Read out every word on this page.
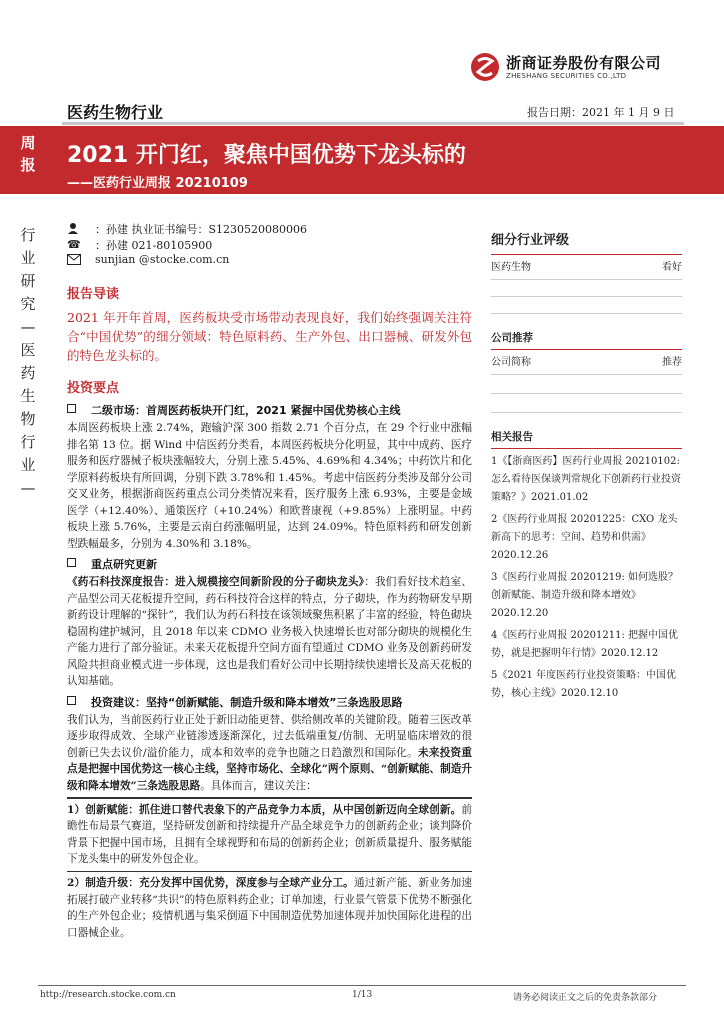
浙商证券股份有限公司
ZHESHANG SECURITIES CO.,LTD
医药生物行业	报告日期：2021 年 1 月 9 日
周报 2021 开门红，聚焦中国优势下龙头标的
——医药行业周报 20210109
行业研究—医药生物行业—
：孙建 执业证书编号：S1230520080006
☎ ：孙建 021-80105900
sunjian @stocke.com.cn
报告导读
2021 年开年首周，医药板块受市场带动表现良好，我们始终强调关注符合“中国优势”的细分领域：特色原料药、生产外包、出口器械、研发外包的特色龙头标的。
投资要点
二级市场：首周医药板块开门红，2021 紧握中国优势核心主线
本周医药板块上涨 2.74%，跑输沪深 300 指数 2.71 个百分点，在 29 个行业中涨幅排名第 13 位。据 Wind 中信医药分类看，本周医药板块分化明显，其中中成药、医疗服务和医疗器械子板块涨幅较大，分别上涨 5.45%、4.69%和 4.34%；中药饮片和化学原料药板块有所回调，分别下跌 3.78%和 1.45%。考虑中信医药分类涉及部分公司交叉业务，根据浙商医药重点公司分类情况来看，医疗服务上涨 6.93%，主要是金域医学（+12.40%）、通策医疗（+10.24%）和欧普康视（+9.85%）上涨明显。中药板块上涨 5.76%，主要是云南白药涨幅明显，达到 24.09%。特色原料药和研发创新型跌幅最多，分别为 4.30%和 3.18%。
重点研究更新
《药石科技深度报告：进入规模接空间新阶段的分子砌块龙头》：我们看好技术趋室、产品型公司天花板提升空间，药石科技符合这样的特点，分子砌块，作为药物研发早期新药设计理解的“探针”，我们认为药石科技在该领域聚焦积累了丰富的经验，特色砌块稳固构建护城河，且 2018 年以来 CDMO 业务极入快速增长也对部分砌块的规模化生产能力进行了部分验证。未来天花板提升空间方面有望通过 CDMO 业务及创新药研发风险共担商业模式进一步体现，这也是我们看好公司中长期持续快速增长及高天花板的认知基础。
投资建议：坚持“创新赋能、制造升级和降本增效”三条选股思路
我们认为，当前医药行业正处于新旧动能更替、供给侧改革的关键阶段。随着三医改革逐步取得成效、全球产业链渗透逐渐深化，过去低端重复/仿制、无明显临床增效的很创新已失去议价/溢价能力，成本和效率的竞争也随之日趋激烈和国际化。未来投资重点是把握中国优势这一核心主线，坚持市场化、全球化”两个原则、“创新赋能、制造升级和降本增效”三条选股思路。具体而言，建议关注：
1）创新赋能：抓住进口替代表象下的产品竞争力本质，从中国创新迈向全球创新。前瞻性布局景气赛道，坚持研发创新和持续提升产品全球竞争力的创新药企业；谈判降价背景下把握中国市场，且拥有全球视野和布局的创新药企业；创新质量提升、服务赋能下龙头集中的研发外包企业。
2）制造升级：充分发挥中国优势，深度参与全球产业分工。通过新产能、新业务加速拓展打破产业转移“共识”的特色原料药企业；订单加速，行业景气管景下优势不断强化的生产外包企业；疫情机遇与集采倒逼下中国制造优势加速体现并加快国际化进程的出口器械企业。
细分行业评级
医药生物	看好
公司推荐
公司简称	推荐
相关报告
1《【浙商医药】医药行业周报 20210102: 怎么看待医保谈判常规化下创新药行业投资策略？》2021.01.02
2《医药行业周报 20201225：CXO 龙头新高下的思考：空间、趋势和供需》2020.12.26
3《医药行业周报 20201219: 如何选股？创新赋能、制造升级和降本增效》2020.12.20
4《医药行业周报 20201211: 把握中国优势，就是把握明年行情》2020.12.12
5《2021 年度医药行业投资策略：中国优势，核心主线》2020.12.10
http://research.stocke.com.cn	1/13	请务必阅读正文之后的免责条款部分
